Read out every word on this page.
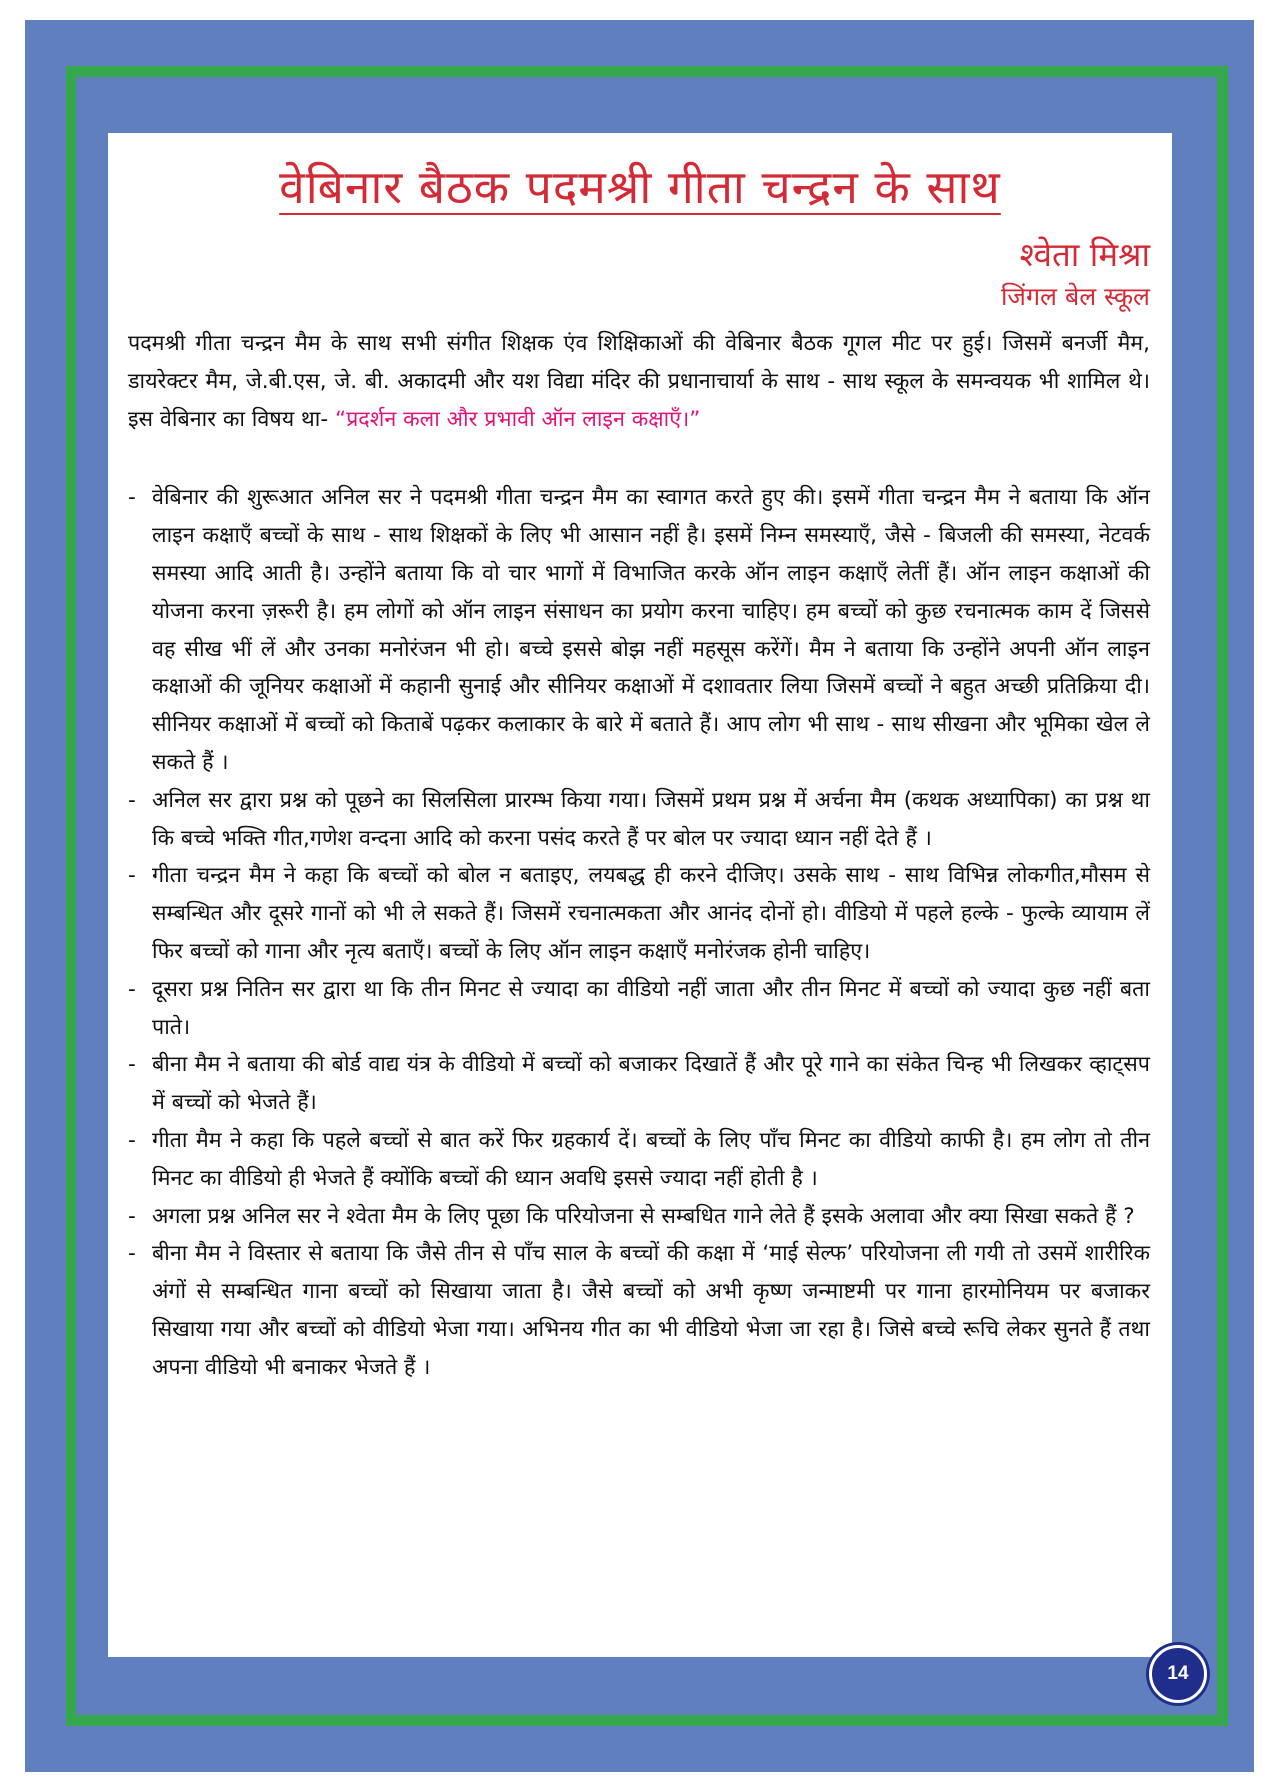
वेबिनार बैठक पदमश्री गीता चन्द्रन के साथ
श्वेता मिश्रा
जिंगल बेल स्कूल

पदमश्री गीता चन्द्रन मैम के साथ सभी संगीत शिक्षक एंव शिक्षिकाओं की वेबिनार बैठक गूगल मीट पर हुई। जिसमें बनर्जी मैम, डायरेक्टर मैम, जे.बी.एस, जे. बी. अकादमी और यश विद्या मंदिर की प्रधानाचार्या के साथ - साथ स्कूल के समन्वयक भी शामिल थे। इस वेबिनार का विषय था- “प्रदर्शन कला और प्रभावी ऑन लाइन कक्षाएँ।”

- वेबिनार की शुरूआत अनिल सर ने पदमश्री गीता चन्द्रन मैम का स्वागत करते हुए की। इसमें गीता चन्द्रन मैम ने बताया कि ऑन लाइन कक्षाएँ बच्चों के साथ - साथ शिक्षकों के लिए भी आसान नहीं है। इसमें निम्न समस्याएँ, जैसे - बिजली की समस्या, नेटवर्क समस्या आदि आती है। उन्होंने बताया कि वो चार भागों में विभाजित करके ऑन लाइन कक्षाएँ लेतीं हैं। ऑन लाइन कक्षाओं की योजना करना ज़रूरी है। हम लोगों को ऑन लाइन संसाधन का प्रयोग करना चाहिए। हम बच्चों को कुछ रचनात्मक काम दें जिससे वह सीख भीं लें और उनका मनोरंजन भी हो। बच्चे इससे बोझ नहीं महसूस करेंगें। मैम ने बताया कि उन्होंने अपनी ऑन लाइन कक्षाओं की जूनियर कक्षाओं में कहानी सुनाई और सीनियर कक्षाओं में दशावतार लिया जिसमें बच्चों ने बहुत अच्छी प्रतिक्रिया दी। सीनियर कक्षाओं में बच्चों को किताबें पढ़कर कलाकार के बारे में बताते हैं। आप लोग भी साथ - साथ सीखना और भूमिका खेल ले सकते हैं ।

- अनिल सर द्वारा प्रश्न को पूछने का सिलसिला प्रारम्भ किया गया। जिसमें प्रथम प्रश्न में अर्चना मैम (कथक अध्यापिका) का प्रश्न था कि बच्चे भक्ति गीत,गणेश वन्दना आदि को करना पसंद करते हैं पर बोल पर ज्यादा ध्यान नहीं देते हैं ।

- गीता चन्द्रन मैम ने कहा कि बच्चों को बोल न बताइए, लयबद्ध ही करने दीजिए। उसके साथ - साथ विभिन्न लोकगीत,मौसम से सम्बन्धित और दूसरे गानों को भी ले सकते हैं। जिसमें रचनात्मकता और आनंद दोनों हो। वीडियो में पहले हल्के - फुल्के व्यायाम लें फिर बच्चों को गाना और नृत्य बताएँ। बच्चों के लिए ऑन लाइन कक्षाएँ मनोरंजक होनी चाहिए।

- दूसरा प्रश्न नितिन सर द्वारा था कि तीन मिनट से ज्यादा का वीडियो नहीं जाता और तीन मिनट में बच्चों को ज्यादा कुछ नहीं बता पाते।

- बीना मैम ने बताया की बोर्ड वाद्य यंत्र के वीडियो में बच्चों को बजाकर दिखातें हैं और पूरे गाने का संकेत चिन्ह भी लिखकर व्हाट्सप में बच्चों को भेजते हैं।

- गीता मैम ने कहा कि पहले बच्चों से बात करें फिर ग्रहकार्य दें। बच्चों के लिए पाँच मिनट का वीडियो काफी है। हम लोग तो तीन मिनट का वीडियो ही भेजते हैं क्योंकि बच्चों की ध्यान अवधि इससे ज्यादा नहीं होती है ।

- अगला प्रश्न अनिल सर ने श्वेता मैम के लिए पूछा कि परियोजना से सम्बधित गाने लेते हैं इसके अलावा और क्या सिखा सकते हैं ?

- बीना मैम ने विस्तार से बताया कि जैसे तीन से पाँच साल के बच्चों की कक्षा में ‘माई सेल्फ’ परियोजना ली गयी तो उसमें शारीरिक अंगों से सम्बन्धित गाना बच्चों को सिखाया जाता है। जैसे बच्चों को अभी कृष्ण जन्माष्टमी पर गाना हारमोनियम पर बजाकर सिखाया गया और बच्चों को वीडियो भेजा गया। अभिनय गीत का भी वीडियो भेजा जा रहा है। जिसे बच्चे रूचि लेकर सुनते हैं तथा अपना वीडियो भी बनाकर भेजते हैं ।

14
